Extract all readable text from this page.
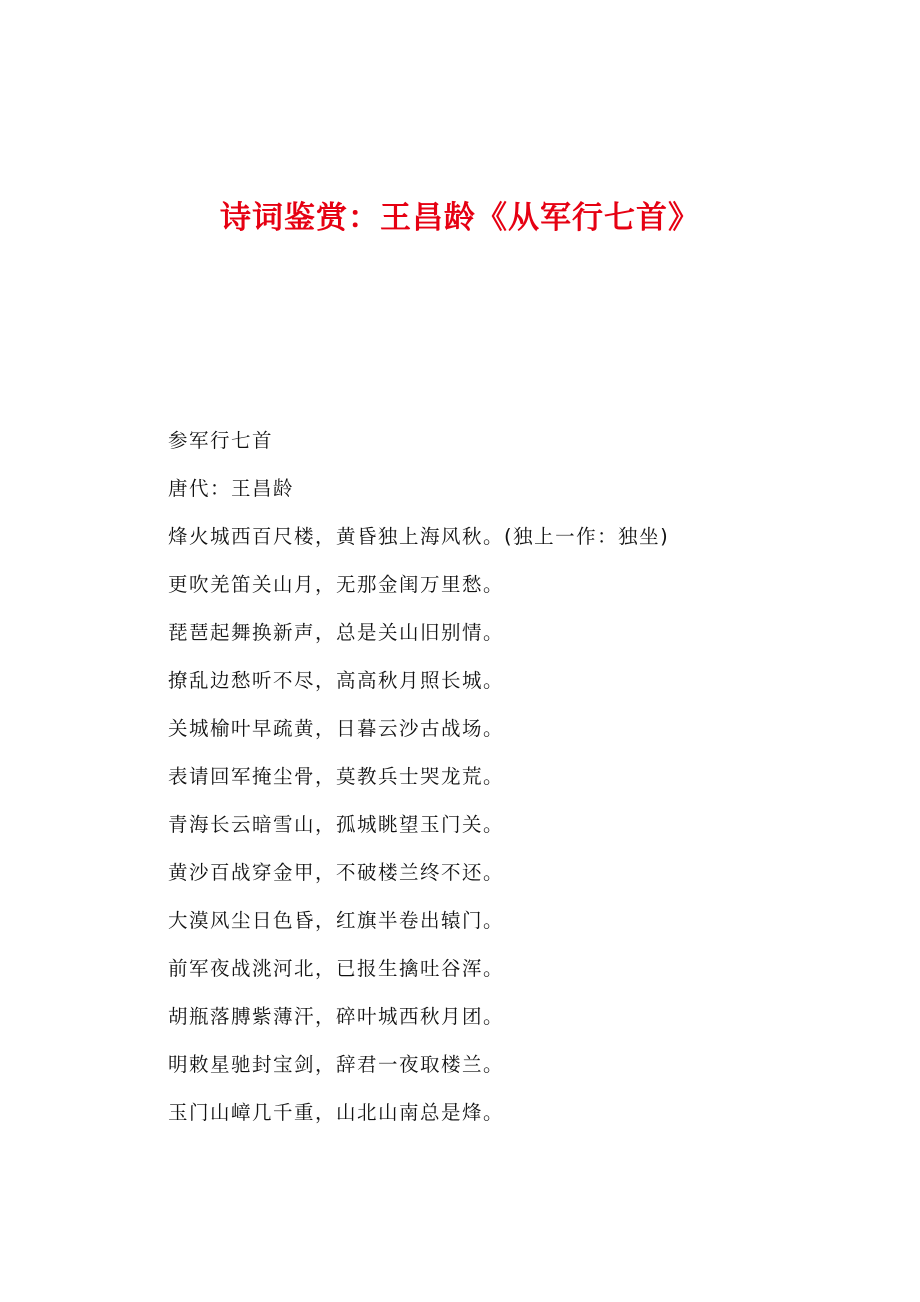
诗词鉴赏：王昌龄《从军行七首》
参军行七首
唐代：王昌龄
烽火城西百尺楼，黄昏独上海风秋。(独上一作：独坐)
更吹羌笛关山月，无那金闺万里愁。
琵琶起舞换新声，总是关山旧别情。
撩乱边愁听不尽，高高秋月照长城。
关城榆叶早疏黄，日暮云沙古战场。
表请回军掩尘骨，莫教兵士哭龙荒。
青海长云暗雪山，孤城眺望玉门关。
黄沙百战穿金甲，不破楼兰终不还。
大漠风尘日色昏，红旗半卷出辕门。
前军夜战洮河北，已报生擒吐谷浑。
胡瓶落膊紫薄汗，碎叶城西秋月团。
明敕星驰封宝剑，辞君一夜取楼兰。
玉门山嶂几千重，山北山南总是烽。
